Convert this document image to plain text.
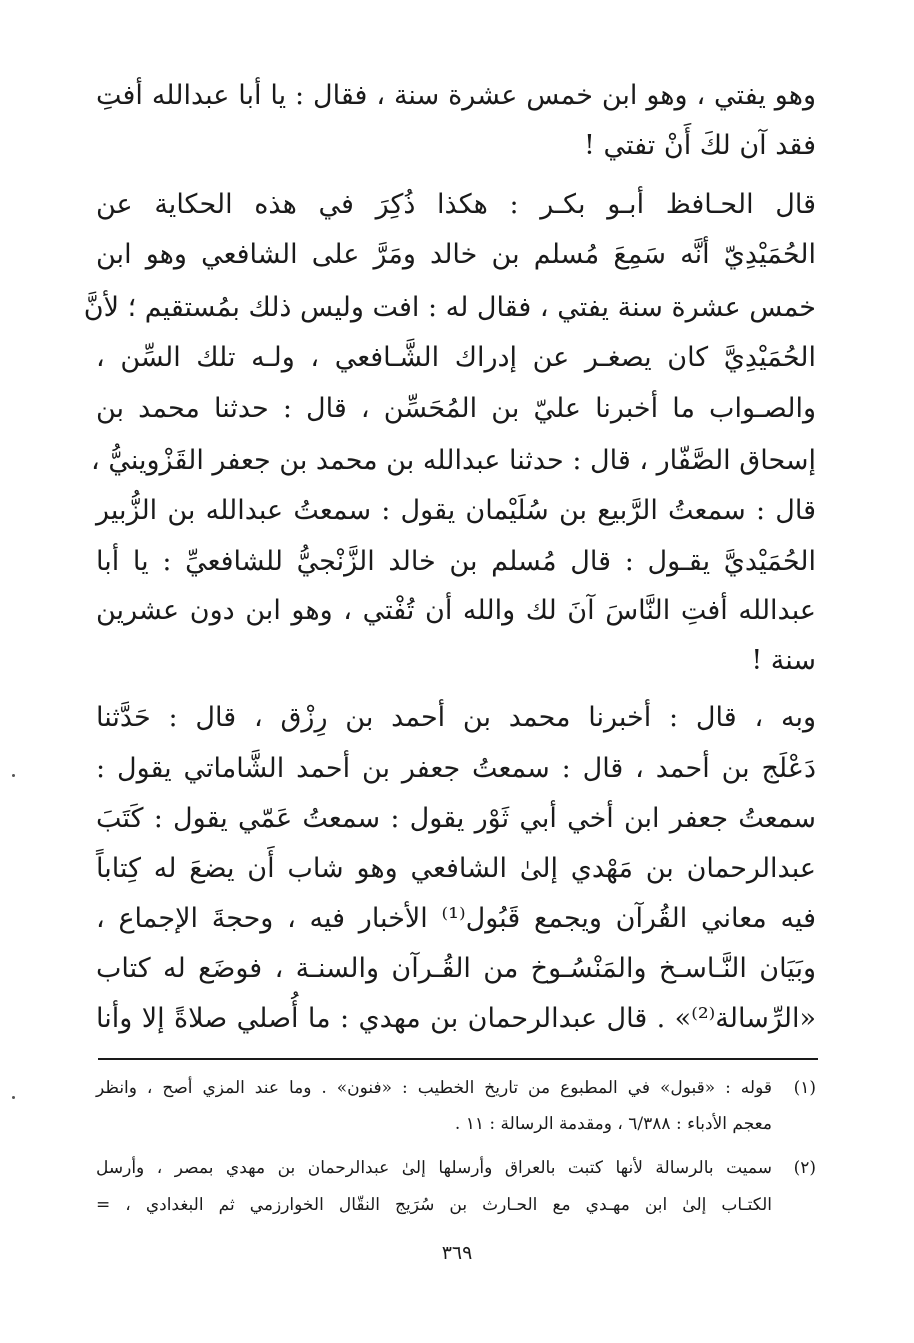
وهو يفتي ، وهو ابن خمس عشرة سنة ، فقال : يا أبا عبدالله أفتِ
فقد آن لكَ أَنْ تفتي !
قال الحـافظ أبـو بكـر : هكذا ذُكِرَ في هذه الحكاية عن
الحُمَيْدِيّ أنَّه سَمِعَ مُسلم بن خالد ومَرَّ على الشافعي وهو ابن
خمس عشرة سنة يفتي ، فقال له : افت وليس ذلك بمُستقيم ؛ لأنَّ
الحُمَيْدِيَّ كان يصغـر عن إدراك الشَّـافعي ، ولـه تلك السِّن ،
والصـواب ما أخبرنا عليّ بن المُحَسِّن ، قال : حدثنا محمد بن
إسحاق الصَّفّار ، قال : حدثنا عبدالله بن محمد بن جعفر القَزْوينيُّ ،
قال : سمعتُ الرَّبيع بن سُلَيْمان يقول : سمعتُ عبدالله بن الزُّبير
الحُمَيْديَّ يقـول : قال مُسلم بن خالد الزَّنْجيُّ للشافعيِّ : يا أبا
عبدالله أفتِ النَّاسَ آنَ لك والله أن تُفْتي ، وهو ابن دون عشرين
سنة !
وبه ، قال : أخبرنا محمد بن أحمد بن رِزْق ، قال : حَدَّثنا
دَعْلَج بن أحمد ، قال : سمعتُ جعفر بن أحمد الشَّاماتي يقول :
سمعتُ جعفر ابن أخي أبي ثَوْر يقول : سمعتُ عَمّي يقول : كَتَبَ
عبدالرحمان بن مَهْدي إلىٰ الشافعي وهو شاب أَن يضعَ له كِتاباً
فيه معاني القُرآن ويجمع قَبُول⁽¹⁾ الأخبار فيه ، وحجةَ الإجماع ،
وبَيَان النَّـاسـخ والمَنْسُـوخ من القُـرآن والسنـة ، فوضَع له كتاب
«الرِّسالة⁽²⁾» . قال عبدالرحمان بن مهدي : ما أُصلي صلاةً إلا وأنا
(١)
قوله : «قبول» في المطبوع من تاريخ الخطيب : «فنون» . وما عند المزي أصح ، وانظر
معجم الأدباء : ٦/٣٨٨ ، ومقدمة الرسالة : ١١ .
(٢)
سميت بالرسالة لأنها كتبت بالعراق وأرسلها إلىٰ عبدالرحمان بن مهدي بمصر ، وأرسل
الكتـاب إلىٰ ابن مهـدي مع الحـارث بن سُرَيج النقّال الخوارزمي ثم البغدادي ، =
٣٦٩
